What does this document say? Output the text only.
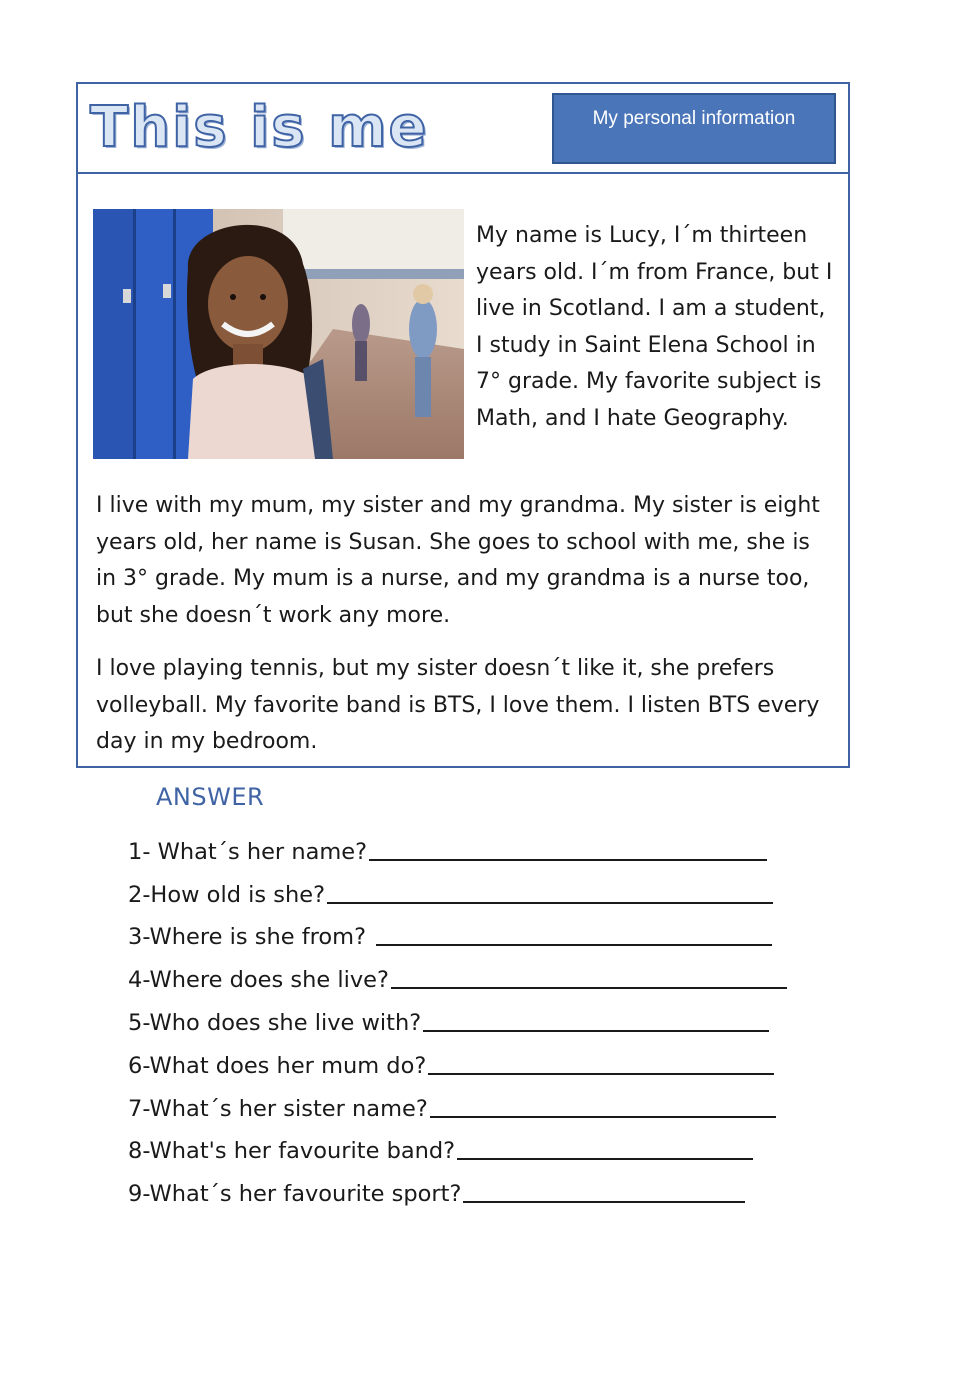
This is me	My personal information

My name is Lucy, I´m thirteen years old. I´m from France, but I live in Scotland. I am a student, I study in Saint Elena School in 7° grade. My favorite subject is Math, and I hate Geography.

I live with my mum, my sister and my grandma. My sister is eight years old, her name is Susan. She goes to school with me, she is in 3° grade. My mum is a nurse, and my grandma is a nurse too, but she doesn´t work any more.

I love playing tennis, but my sister doesn´t like it, she prefers volleyball. My favorite band is BTS, I love them. I listen BTS every day in my bedroom.

ANSWER
1- What´s her name?
2-How old is she?
3-Where is she from?
4-Where does she live?
5-Who does she live with?
6-What does her mum do?
7-What´s her sister name?
8-What's her favourite band?
9-What´s her favourite sport?
